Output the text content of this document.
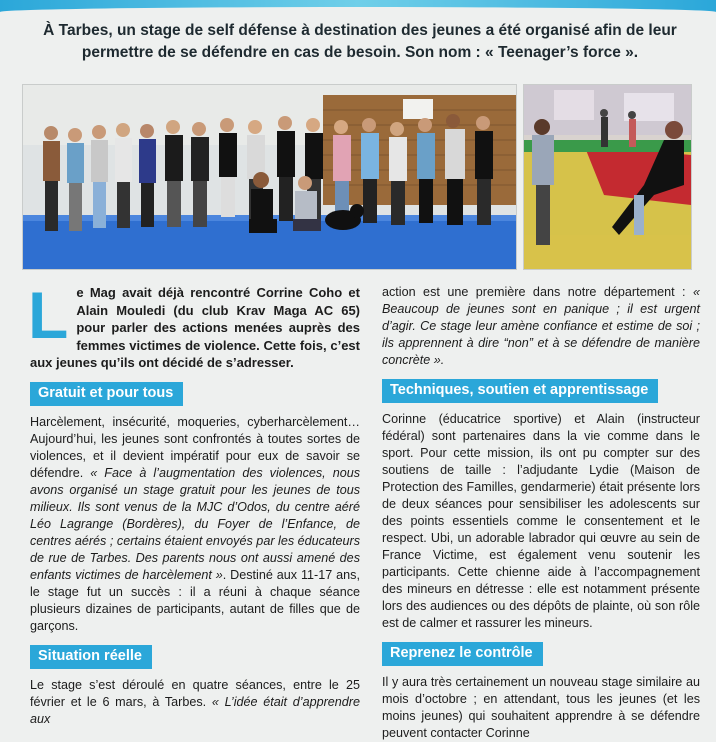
À Tarbes, un stage de self défense à destination des jeunes a été organisé afin de leur permettre de se défendre en cas de besoin. Son nom : « Teenager’s force ».
L e Mag avait déjà rencontré Corrine Coho et Alain Mouledi (du club Krav Maga AC 65) pour parler des actions menées auprès des femmes victimes de violence. Cette fois, c’est aux jeunes qu’ils ont décidé de s’adresser.

Gratuit et pour tous

Harcèlement, insécurité, moqueries, cyberharcèlement… Aujourd’hui, les jeunes sont confrontés à toutes sortes de violences, et il devient impératif pour eux de savoir se défendre. « Face à l’augmentation des violences, nous avons organisé un stage gratuit pour les jeunes de tous milieux. Ils sont venus de la MJC d’Odos, du centre aéré Léo Lagrange (Bordères), du Foyer de l’Enfance, de centres aérés ; certains étaient envoyés par les éducateurs de rue de Tarbes. Des parents nous ont aussi amené des enfants victimes de harcèlement ». Destiné aux 11-17 ans, le stage fut un succès : il a réuni à chaque séance plusieurs dizaines de participants, autant de filles que de garçons.

Situation réelle

Le stage s’est déroulé en quatre séances, entre le 25 février et le 6 mars, à Tarbes. « L’idée était d’apprendre aux

action est une première dans notre département : « Beaucoup de jeunes sont en panique ; il est urgent d’agir. Ce stage leur amène confiance et estime de soi ; ils apprennent à dire “non” et à se défendre de manière concrète ».

Techniques, soutien et apprentissage

Corinne (éducatrice sportive) et Alain (instructeur fédéral) sont partenaires dans la vie comme dans le sport. Pour cette mission, ils ont pu compter sur des soutiens de taille : l’adjudante Lydie (Maison de Protection des Familles, gendarmerie) était présente lors de deux séances pour sensibiliser les adolescents sur des points essentiels comme le consentement et le respect. Ubi, un adorable labrador qui œuvre au sein de France Victime, est également venu soutenir les participants. Cette chienne aide à l’accompagnement des mineurs en détresse : elle est notamment présente lors des audiences ou des dépôts de plainte, où son rôle est de calmer et rassurer les mineurs.

Reprenez le contrôle

Il y aura très certainement un nouveau stage similaire au mois d’octobre ; en attendant, tous les jeunes (et les moins jeunes) qui souhaitent apprendre à se défendre peuvent contacter Corinne
